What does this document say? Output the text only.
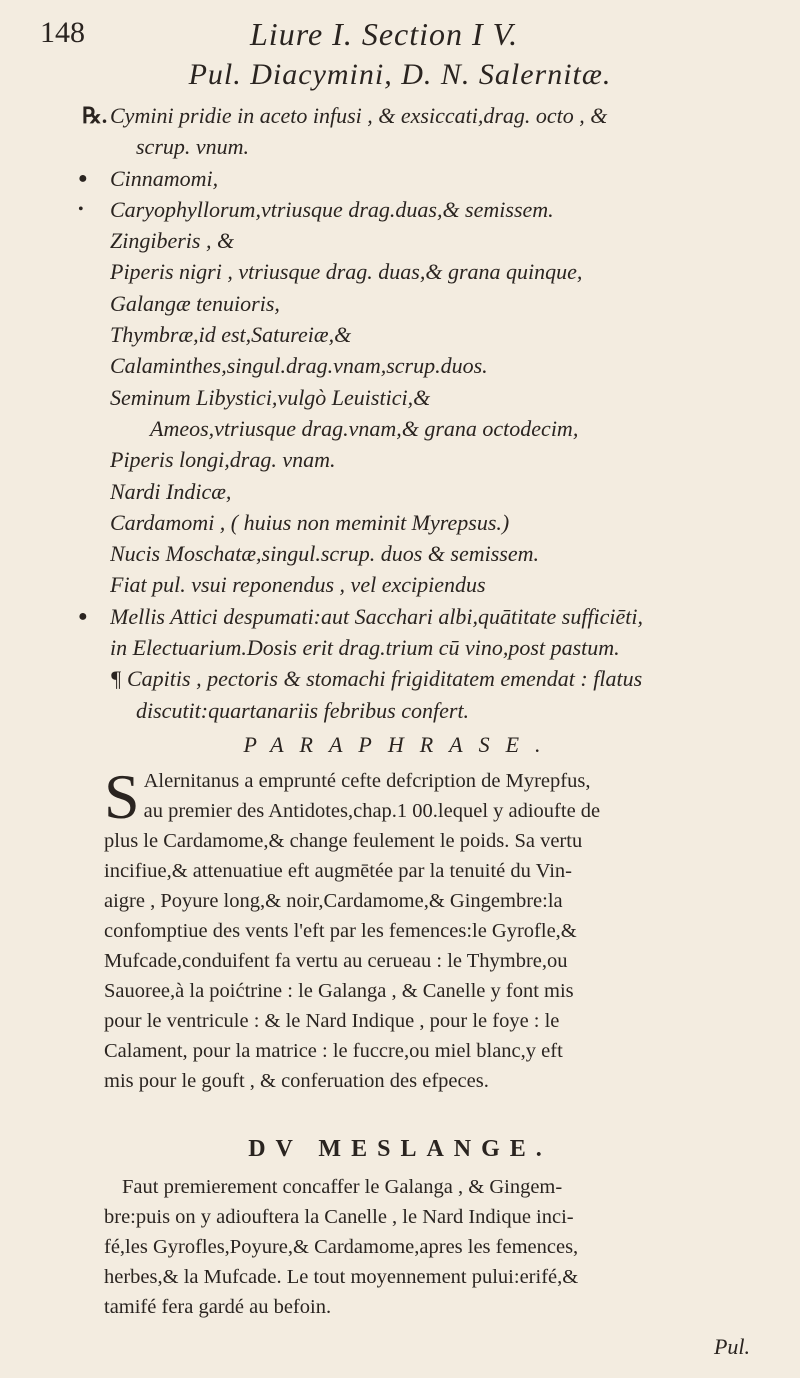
148	Liure I. Section I V.
Pul. Diacymini, D. N. Salernitæ.
℞. Cymini pridie in aceto infusi , & exsiccati,drag. octo , &
scrup. vnum.
● Cinnamomi,
• Caryophyllorum,vtriusque drag.duas,& semissem.
Zingiberis , &
Piperis nigri , vtriusque drag. duas,& grana quinque,
Galangæ tenuioris,
Thymbræ,id est,Satureiæ,&
Calaminthes,singul.drag.vnam,scrup.duos.
Seminum Libystici,vulgò Leuistici,&
Ameos,vtriusque drag.vnam,& grana octodecim,
Piperis longi,drag. vnam.
Nardi Indicæ,
Cardamomi , ( huius non meminit Myrepsus.)
Nucis Moschatæ,singul.scrup. duos & semissem.
Fiat pul. vsui reponendus , vel excipiendus
● Mellis Attici despumati:aut Sacchari albi,quātitate sufficiēti,
in Electuarium.Dosis erit drag.trium cū vino,post pastum.
¶ Capitis , pectoris & stomachi frigiditatem emendat : flatus
discutit:quartanariis febribus confert.
PARAPHRASE.
S Alernitanus a emprunté cefte defcription de Myrepfus,
au premier des Antidotes,chap.1 00.lequel y adioufte de
plus le Cardamome,& change feulement le poids. Sa vertu
incifiue,& attenuatiue eft augmētée par la tenuité du Vin-
aigre , Poyure long,& noir,Cardamome,& Gingembre:la
confomptiue des vents l'eft par les femences:le Gyrofle,&
Mufcade,conduifent fa vertu au cerueau : le Thymbre,ou
Sauoree,à la poićtrine : le Galanga , & Canelle y font mis
pour le ventricule : & le Nard Indique , pour le foye : le
Calament, pour la matrice : le fuccre,ou miel blanc,y eft
mis pour le gouft , & conferuation des efpeces.
DV MESLANGE.
Faut premierement concaffer le Galanga , & Gingem-
bre:puis on y adiouftera la Canelle , le Nard Indique inci-
fé,les Gyrofles,Poyure,& Cardamome,apres les femences,
herbes,& la Mufcade. Le tout moyennement pului:erifé,&
tamifé fera gardé au befoin.
Pul.
